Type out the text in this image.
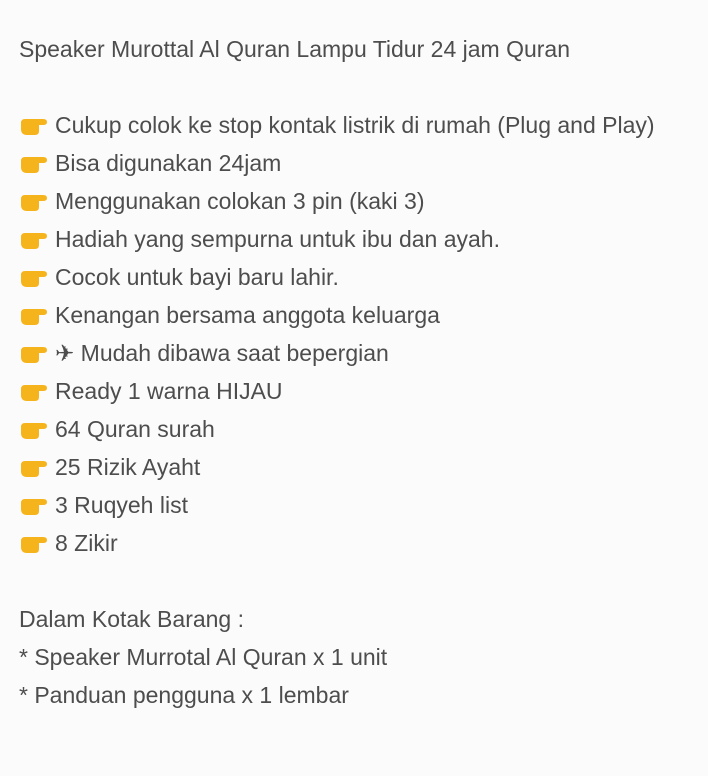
Speaker Murottal Al Quran Lampu Tidur 24 jam Quran
Cukup colok ke stop kontak listrik di rumah (Plug and Play)
Bisa digunakan 24jam
Menggunakan colokan 3 pin (kaki 3)
Hadiah yang sempurna untuk ibu dan ayah.
Cocok untuk bayi baru lahir.
Kenangan bersama anggota keluarga
✈ Mudah dibawa saat bepergian
Ready 1 warna HIJAU
64 Quran surah
25 Rizik Ayaht
3 Ruqyeh list
8 Zikir
Dalam Kotak Barang :
* Speaker Murrotal Al Quran x 1 unit
* Panduan pengguna x 1 lembar
